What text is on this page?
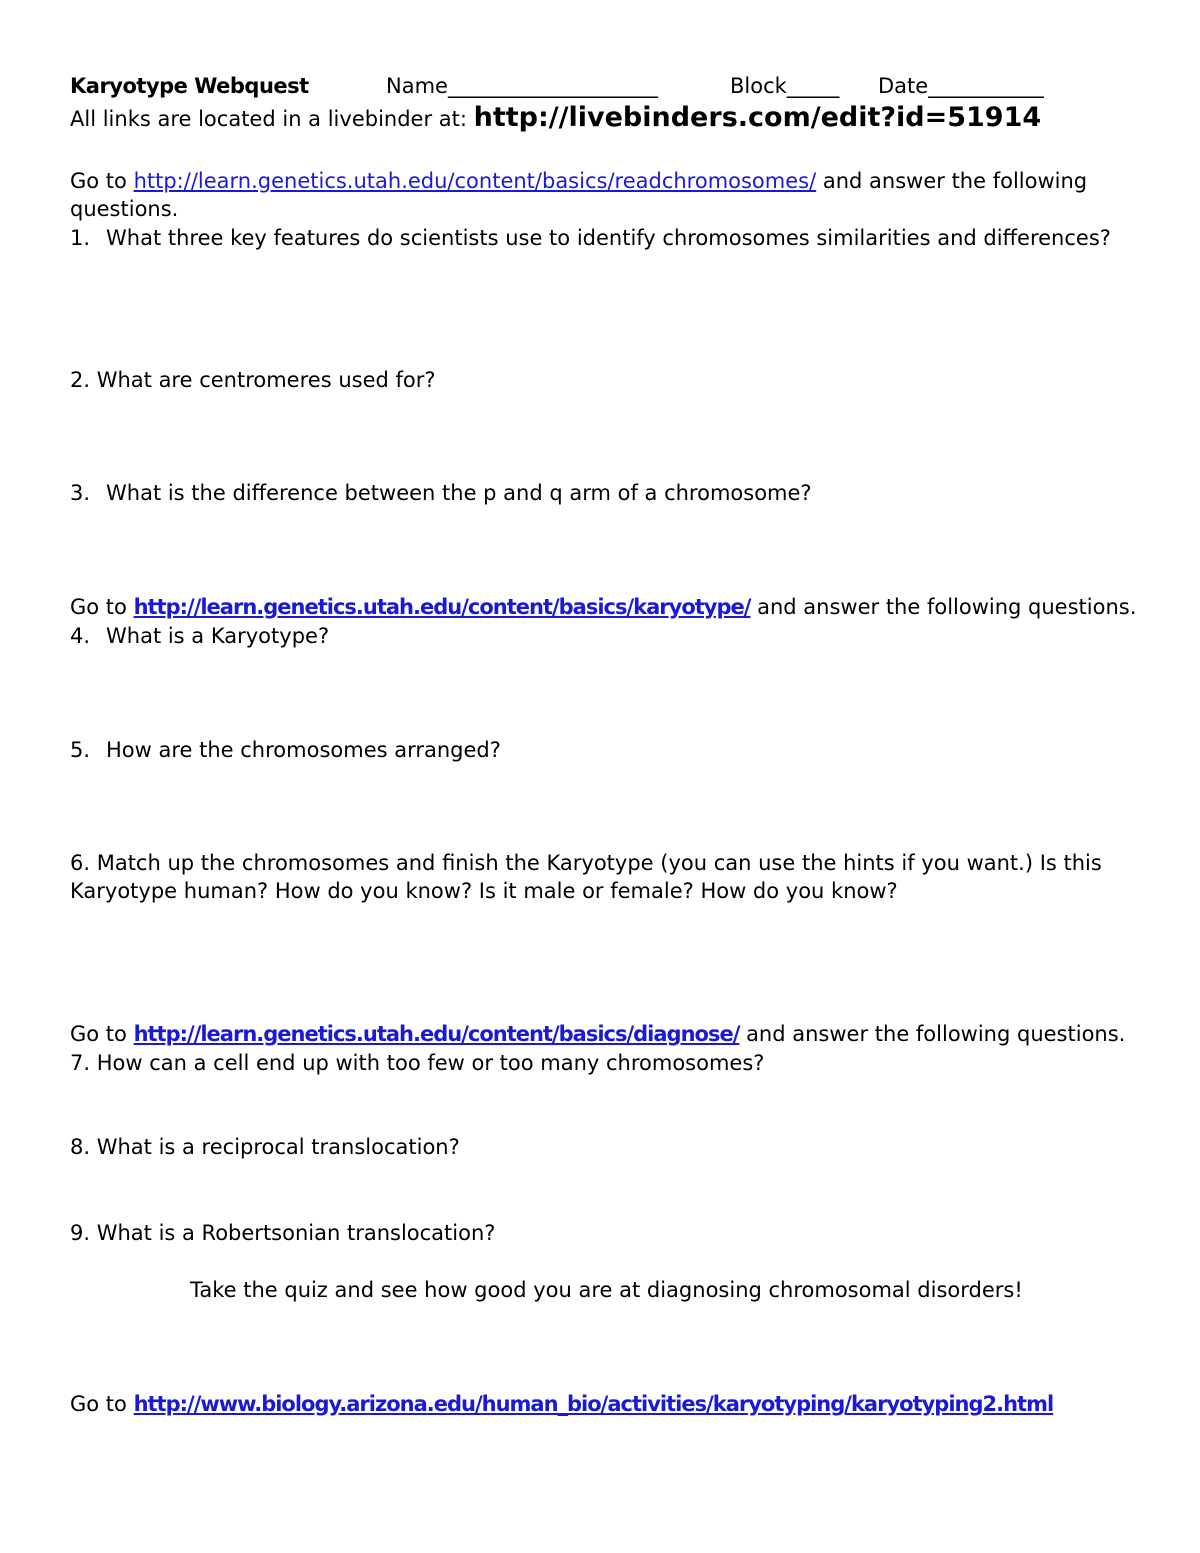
Karyotype Webquest	Name____________________	Block_____ Date___________
All links are located in a livebinder at: http://livebinders.com/edit?id=51914
Go to http://learn.genetics.utah.edu/content/basics/readchromosomes/ and answer the following questions.
1. What three key features do scientists use to identify chromosomes similarities and differences?
2. What are centromeres used for?
3. What is the difference between the p and q arm of a chromosome?
Go to http://learn.genetics.utah.edu/content/basics/karyotype/ and answer the following questions.
4. What is a Karyotype?
5. How are the chromosomes arranged?
6. Match up the chromosomes and finish the Karyotype (you can use the hints if you want.) Is this Karyotype human? How do you know? Is it male or female? How do you know?
Go to http://learn.genetics.utah.edu/content/basics/diagnose/ and answer the following questions.
7. How can a cell end up with too few or too many chromosomes?
8. What is a reciprocal translocation?
9. What is a Robertsonian translocation?
Take the quiz and see how good you are at diagnosing chromosomal disorders!
Go to http://www.biology.arizona.edu/human_bio/activities/karyotyping/karyotyping2.html
